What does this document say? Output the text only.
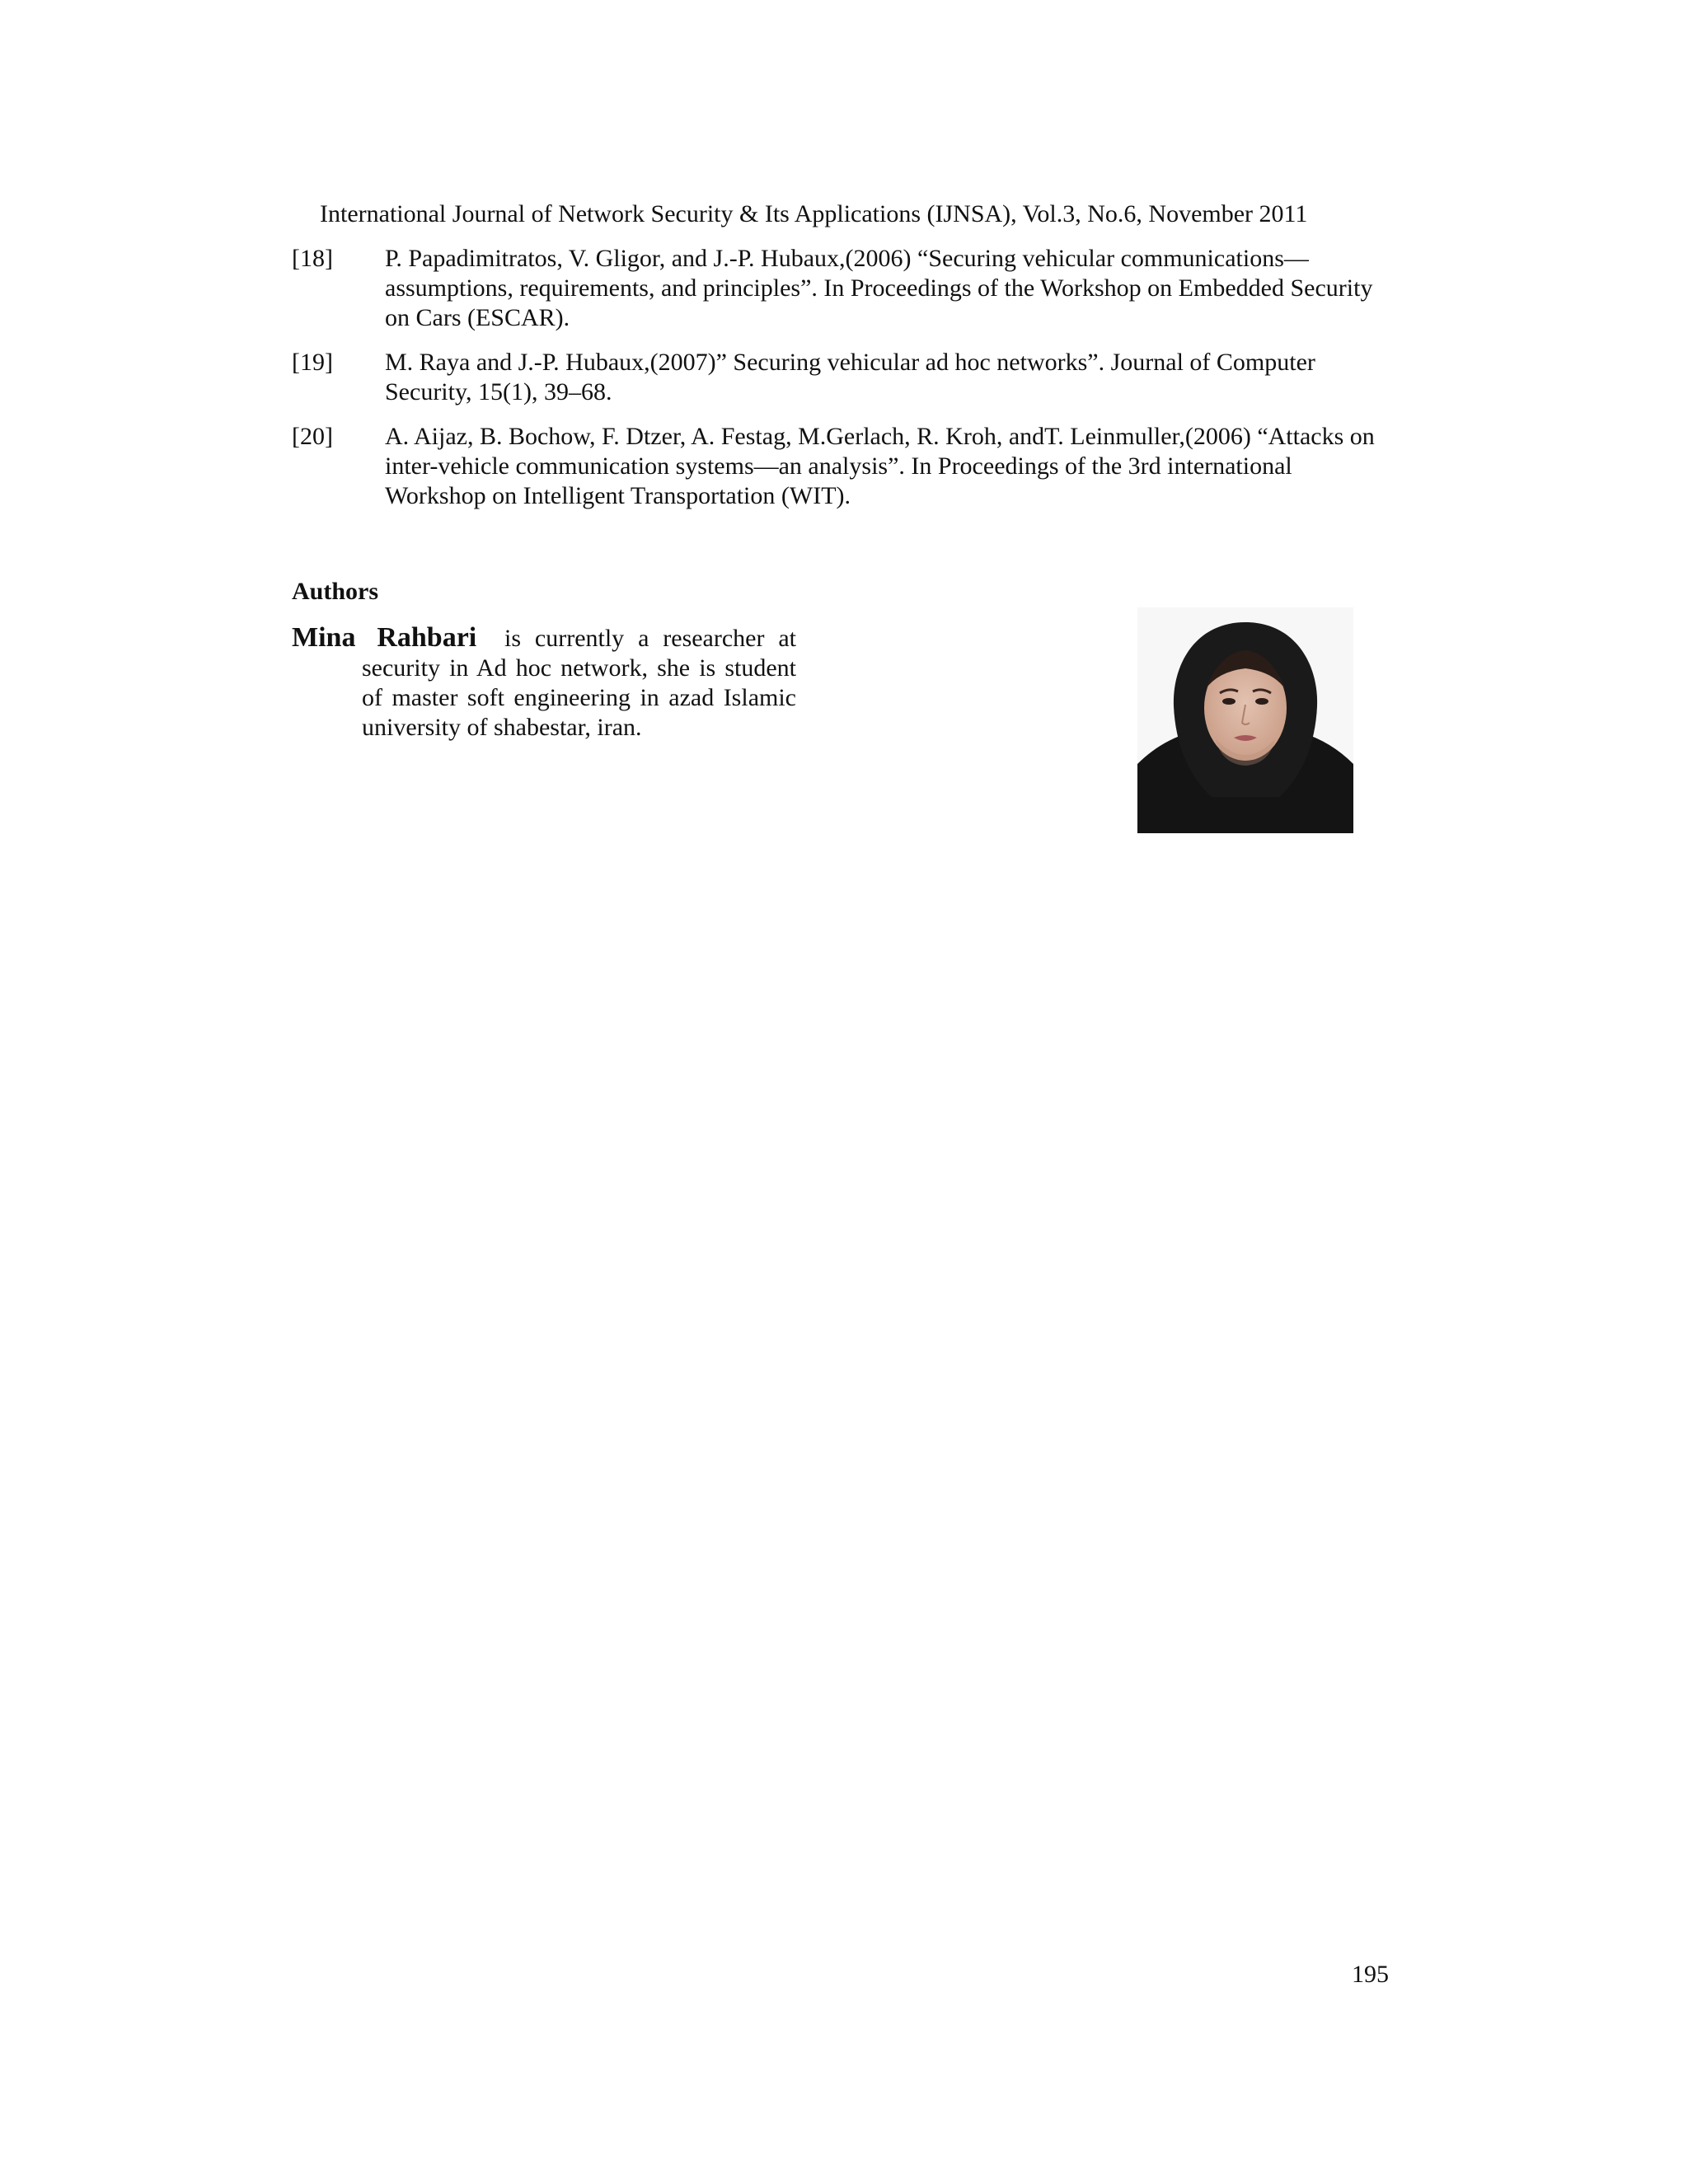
International Journal of Network Security & Its Applications (IJNSA), Vol.3, No.6, November 2011
[18] P. Papadimitratos, V. Gligor, and J.-P. Hubaux,(2006) “Securing vehicular communications—assumptions, requirements, and principles”. In Proceedings of the Workshop on Embedded Security on Cars (ESCAR).
[19] M. Raya and J.-P. Hubaux,(2007)” Securing vehicular ad hoc networks”. Journal of Computer Security, 15(1), 39–68.
[20] A. Aijaz, B. Bochow, F. Dtzer, A. Festag, M.Gerlach, R. Kroh, andT. Leinmuller,(2006) “Attacks on inter-vehicle communication systems—an analysis”. In Proceedings of the 3rd international Workshop on Intelligent Transportation (WIT).
Authors
Mina Rahbari is currently a researcher at security in Ad hoc network, she is student of master soft engineering in azad Islamic university of shabestar, iran.
195
